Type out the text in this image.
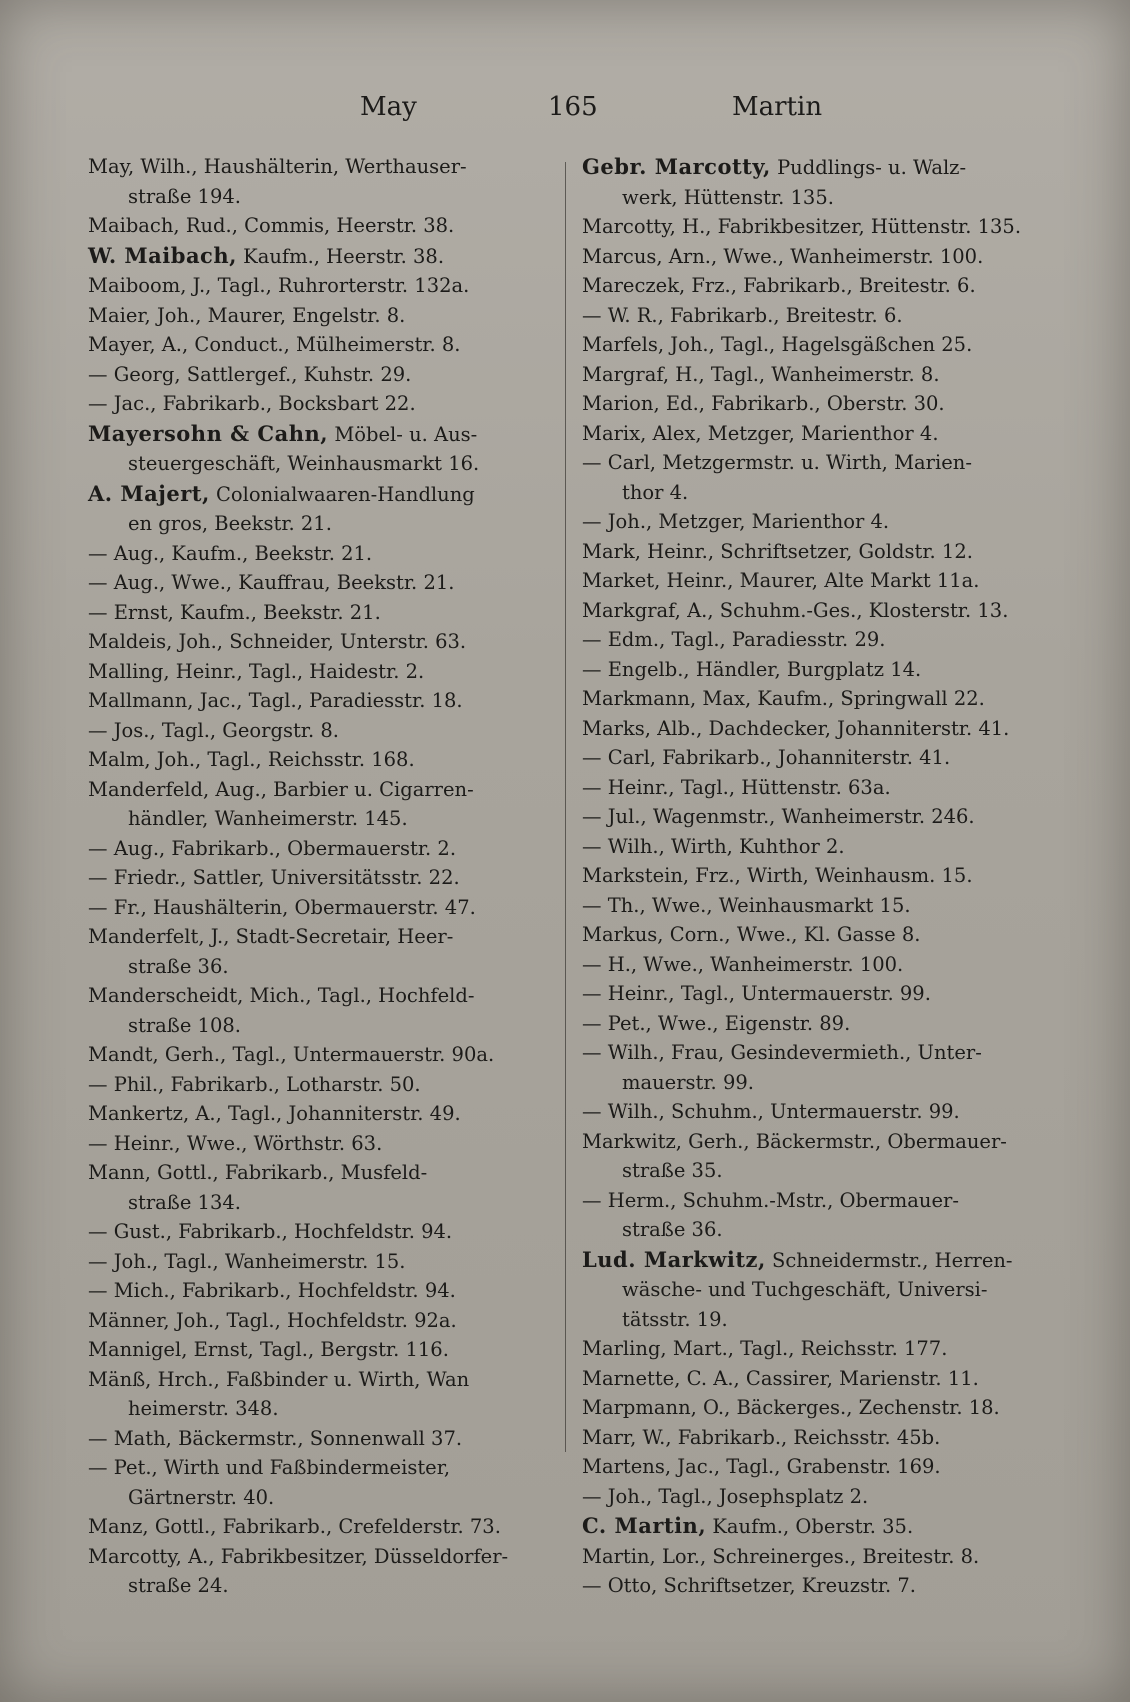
May	165	Martin
May, Wilh., Haushälterin, Werthauser-
straße 194.
Maibach, Rud., Commis, Heerstr. 38.
W. Maibach, Kaufm., Heerstr. 38.
Maiboom, J., Tagl., Ruhrorterstr. 132a.
Maier, Joh., Maurer, Engelstr. 8.
Mayer, A., Conduct., Mülheimerstr. 8.
— Georg, Sattlergef., Kuhstr. 29.
— Jac., Fabrikarb., Bocksbart 22.
Mayersohn & Cahn, Möbel- u. Aus-
steuergeschäft, Weinhausmarkt 16.
A. Majert, Colonialwaaren-Handlung
en gros, Beekstr. 21.
— Aug., Kaufm., Beekstr. 21.
— Aug., Wwe., Kauffrau, Beekstr. 21.
— Ernst, Kaufm., Beekstr. 21.
Maldeis, Joh., Schneider, Unterstr. 63.
Malling, Heinr., Tagl., Haidestr. 2.
Mallmann, Jac., Tagl., Paradiesstr. 18.
— Jos., Tagl., Georgstr. 8.
Malm, Joh., Tagl., Reichsstr. 168.
Manderfeld, Aug., Barbier u. Cigarren-
händler, Wanheimerstr. 145.
— Aug., Fabrikarb., Obermauerstr. 2.
— Friedr., Sattler, Universitätsstr. 22.
— Fr., Haushälterin, Obermauerstr. 47.
Manderfelt, J., Stadt-Secretair, Heer-
straße 36.
Manderscheidt, Mich., Tagl., Hochfeld-
straße 108.
Mandt, Gerh., Tagl., Untermauerstr. 90a.
— Phil., Fabrikarb., Lotharstr. 50.
Mankertz, A., Tagl., Johanniterstr. 49.
— Heinr., Wwe., Wörthstr. 63.
Mann, Gottl., Fabrikarb., Musfeld-
straße 134.
— Gust., Fabrikarb., Hochfeldstr. 94.
— Joh., Tagl., Wanheimerstr. 15.
— Mich., Fabrikarb., Hochfeldstr. 94.
Männer, Joh., Tagl., Hochfeldstr. 92a.
Mannigel, Ernst, Tagl., Bergstr. 116.
Mänß, Hrch., Faßbinder u. Wirth, Wan
heimerstr. 348.
— Math, Bäckermstr., Sonnenwall 37.
— Pet., Wirth und Faßbindermeister,
Gärtnerstr. 40.
Manz, Gottl., Fabrikarb., Crefelderstr. 73.
Marcotty, A., Fabrikbesitzer, Düsseldorfer-
straße 24.
Gebr. Marcotty, Puddlings- u. Walz-
werk, Hüttenstr. 135.
Marcotty, H., Fabrikbesitzer, Hüttenstr. 135.
Marcus, Arn., Wwe., Wanheimerstr. 100.
Mareczek, Frz., Fabrikarb., Breitestr. 6.
— W. R., Fabrikarb., Breitestr. 6.
Marfels, Joh., Tagl., Hagelsgäßchen 25.
Margraf, H., Tagl., Wanheimerstr. 8.
Marion, Ed., Fabrikarb., Oberstr. 30.
Marix, Alex, Metzger, Marienthor 4.
— Carl, Metzgermstr. u. Wirth, Marien-
thor 4.
— Joh., Metzger, Marienthor 4.
Mark, Heinr., Schriftsetzer, Goldstr. 12.
Market, Heinr., Maurer, Alte Markt 11a.
Markgraf, A., Schuhm.-Ges., Klosterstr. 13.
— Edm., Tagl., Paradiesstr. 29.
— Engelb., Händler, Burgplatz 14.
Markmann, Max, Kaufm., Springwall 22.
Marks, Alb., Dachdecker, Johanniterstr. 41.
— Carl, Fabrikarb., Johanniterstr. 41.
— Heinr., Tagl., Hüttenstr. 63a.
— Jul., Wagenmstr., Wanheimerstr. 246.
— Wilh., Wirth, Kuhthor 2.
Markstein, Frz., Wirth, Weinhausm. 15.
— Th., Wwe., Weinhausmarkt 15.
Markus, Corn., Wwe., Kl. Gasse 8.
— H., Wwe., Wanheimerstr. 100.
— Heinr., Tagl., Untermauerstr. 99.
— Pet., Wwe., Eigenstr. 89.
— Wilh., Frau, Gesindevermieth., Unter-
mauerstr. 99.
— Wilh., Schuhm., Untermauerstr. 99.
Markwitz, Gerh., Bäckermstr., Obermauer-
straße 35.
— Herm., Schuhm.-Mstr., Obermauer-
straße 36.
Lud. Markwitz, Schneidermstr., Herren-
wäsche- und Tuchgeschäft, Universi-
tätsstr. 19.
Marling, Mart., Tagl., Reichsstr. 177.
Marnette, C. A., Cassirer, Marienstr. 11.
Marpmann, O., Bäckerges., Zechenstr. 18.
Marr, W., Fabrikarb., Reichsstr. 45b.
Martens, Jac., Tagl., Grabenstr. 169.
— Joh., Tagl., Josephsplatz 2.
C. Martin, Kaufm., Oberstr. 35.
Martin, Lor., Schreinerges., Breitestr. 8.
— Otto, Schriftsetzer, Kreuzstr. 7.
